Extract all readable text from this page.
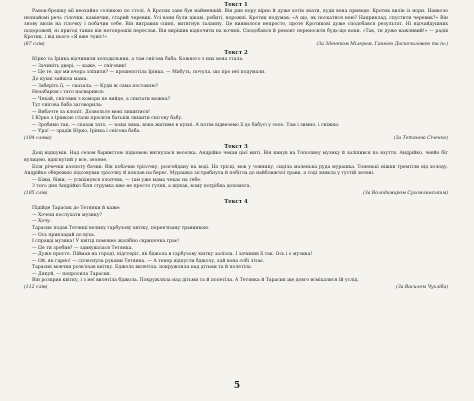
Текст 1

Ранок-брошку вії неохайно голівкою по столі. А Кротик заве був найменшій. Він рив нору вірно й дуже хотів знати, куди вона приведе. Кротик вилів із нори. Навколо незнайомі речі: гілочки, камінчик, старий черевик. Усі вони були цікаві, робиті, порожні. Кротик подумав: «А що, як поскатися нею? Наприклад, спустити черевик?» Він знову вилів на гілочку і побачив себе. Він витравив спині, витягнув таланну. Це виявилося непросто, проте Кротикові дуже сподобався результат. Ні відчайдушних подорожей, ні пригод таких він нетопрошів переслав. Він вирішив відпочити на кочині. Сподобався й ремонт переносити будь-що вони. «Так, ти дуже важливий!» — радів Кротик, і від нього «Я вже чувіс!»

(87 слів)	(За Зденеком Мілером, Ганною Доскочиловою та ін.)
Текст 2

Юрко та Ірінка відчинили холодильник, а там снігова баба. Кожного з них вона стала.

— Зачиніть двері, — каже, — сніговик!

— Це те, що ми вчора зліпили? — прошепотіла Ірінка. — Мабуть, почула, що про неї подумали.

До кухні зайшла мама.

— Заберіть її, — сказала. — Куди ж сама поставлю?

Незабаром і тато насварився:

— Чекай, сніговик з комори не вийде, а спитати можна?

Тут снігова баба заговорила:

— Вибачте за клопіт. Дозвольте мені лишитися!

І Юрко з Ірінкою стали просити батьків лишити снігову бабу.

— Зробимо так, — сказав тато, — поки зима, вона житиме в кухні. А потім відвеземо її до бабусі у село. Там і зимно, і сніжно.

— Ура! — зрадів Юрко, Ірінка і снігова баба.

(104 слова)	(За Тетяною Січенко)
Текст 3

Дощ відшумів. Над селом барвистою підковою вигнулася веселка. Андрійко чекав цієї миті. Він кинув на Тополину музику й заліпився по взуття. Андрійко, чевйо біг вулицею, вдягнутий у все, зелене.

Біля річечки клопоту бачив. Він побачив трісочку, розгойдану на воді. На трісці, мов у човнику, сиділа маленька руда мурашка. Тоненькі ніжки тремтіли від холоду. Андрійко обережно підсовував трісочку й поклав на берег. Мурашка зістрибнула й побігла до найближчої трави, а тоді зникла у густій зелені.

— Біжи, біжи, — усміхнувся хлопчик, — там уже мама чекає на тебе.

З того дня Андрійко біля струмка вже не просто гуляв, а шукав, кому потрібна допомога.

(105 слів)	(За Володимиром Сухомлинським)
Текст 4

Підійде Тарасик до Тетянки й каже:

— Хочеш послухати музику?

— Хочу.

Тарасик подав Тетянці велику гарбузову квітку, перев'язану травинкою.

— Ось прикладай до вуха.

І справді музика! У квітці помовно жалібно скрипочка грає!

— Це ти зробив? — здивувалася Тетянка.

— Дуже просто. Піймав на городі, підстеріг, як бджола в гарбузову квітку залізла. І зачинив її так. Ось і є музика!

— Ой, як гарно! — сплеснула руками Тетянка. — А тепер відпусти бджолу, хай вона собі літає.

Тарасик мовчки розв'язав квітку. Бджола вилетіла, покружляла над дітьми та й полетіла.

— Дякуй, — попросила Тарасик.

Він розкрив квітку, і з неї вилетіла бджола. Покружляла над дітьми та й полетіла. А Тетянка й Тарасик ще довго всміхалися їй услід.

(112 слів)	(За Василем Чухліба)
5
